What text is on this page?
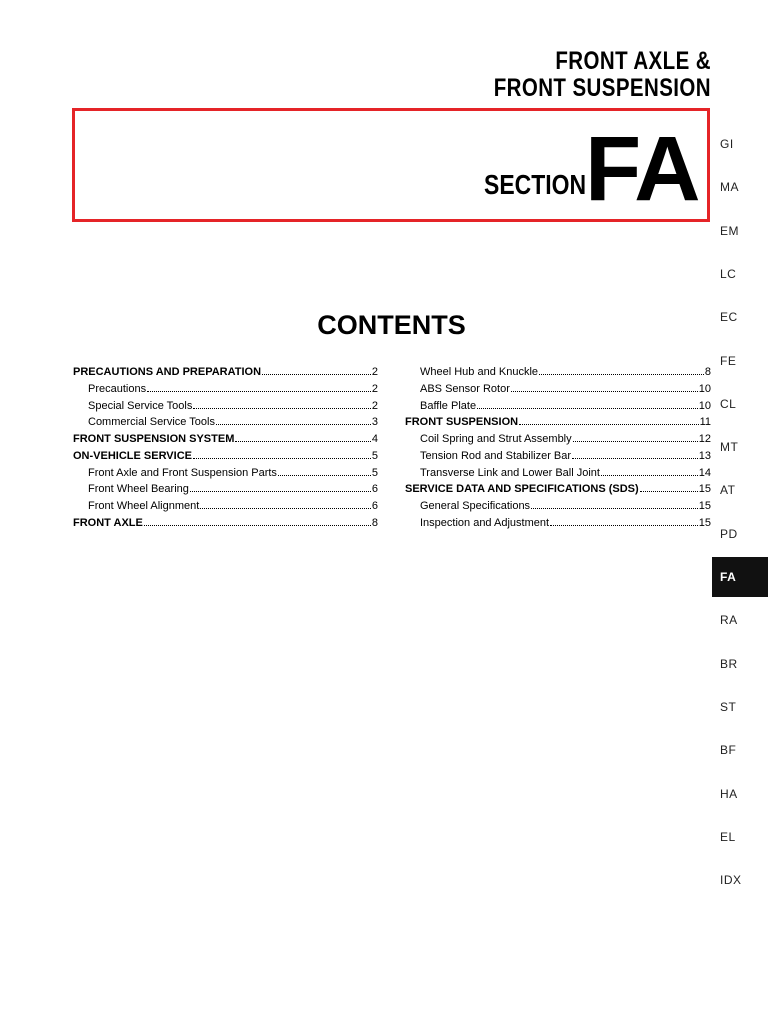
FRONT AXLE &
FRONT SUSPENSION
SECTION
FA
CONTENTS
PRECAUTIONS AND PREPARATION	2
Precautions	2
Special Service Tools	2
Commercial Service Tools	3
FRONT SUSPENSION SYSTEM	4
ON-VEHICLE SERVICE	5
Front Axle and Front Suspension Parts	5
Front Wheel Bearing	6
Front Wheel Alignment	6
FRONT AXLE	8
Wheel Hub and Knuckle	8
ABS Sensor Rotor	10
Baffle Plate	10
FRONT SUSPENSION	11
Coil Spring and Strut Assembly	12
Tension Rod and Stabilizer Bar	13
Transverse Link and Lower Ball Joint	14
SERVICE DATA AND SPECIFICATIONS (SDS)	15
General Specifications	15
Inspection and Adjustment	15
GI
MA
EM
LC
EC
FE
CL
MT
AT
PD
FA
RA
BR
ST
BF
HA
EL
IDX
